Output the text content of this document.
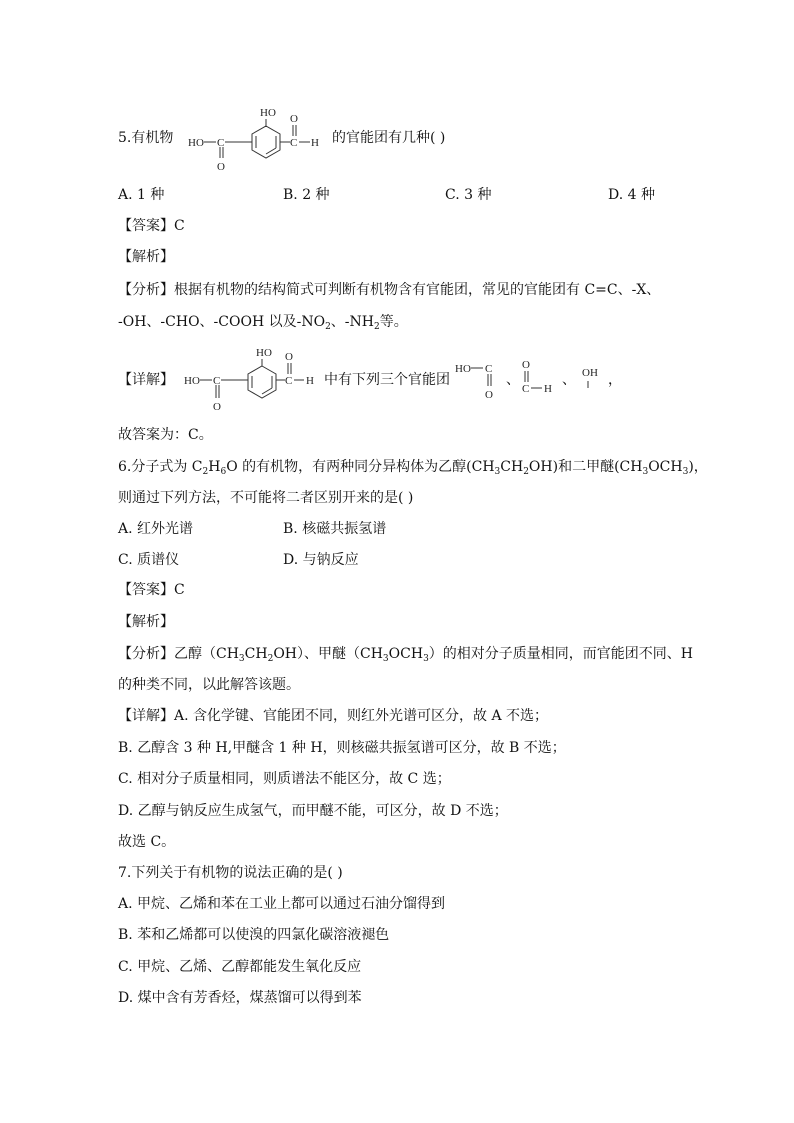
5.有机物
HO
HO C
O
C
O
H 的官能团有几种( )
A. 1 种	B. 2 种	C. 3 种	D. 4 种
【答案】C
【解析】
【分析】根据有机物的结构简式可判断有机物含有官能团，常见的官能团有 C=C、-X、
-OH、-CHO、-COOH 以及$-NO_2$、$-NH_2$等。
【详解】
HO
HO C
O
C
O
H 中有下列三个官能团
HO C
O
、
O
C H
、 OH ，
故答案为：C。
6.分子式为 $C_2H_6O$ 的有机物，有两种同分异构体为乙醇$(CH_3CH_2OH)$和二甲醚$(CH_3OCH_3)$，
则通过下列方法，不可能将二者区别开来的是( )
A. 红外光谱	B. 核磁共振氢谱
C. 质谱仪	D. 与钠反应
【答案】C
【解析】
【分析】乙醇$(CH_3CH_2OH)$、甲醚$(CH_3OCH_3)$的相对分子质量相同，而官能团不同、H
的种类不同，以此解答该题。
【详解】A. 含化学键、官能团不同，则红外光谱可区分，故 A 不选；
B. 乙醇含 3 种 H,甲醚含 1 种 H，则核磁共振氢谱可区分，故 B 不选；
C. 相对分子质量相同，则质谱法不能区分，故 C 选；
D. 乙醇与钠反应生成氢气，而甲醚不能，可区分，故 D 不选；
故选 C。
7.下列关于有机物的说法正确的是( )
A. 甲烷、乙烯和苯在工业上都可以通过石油分馏得到
B. 苯和乙烯都可以使溴的四氯化碳溶液褪色
C. 甲烷、乙烯、乙醇都能发生氧化反应
D. 煤中含有芳香烃，煤蒸馏可以得到苯
